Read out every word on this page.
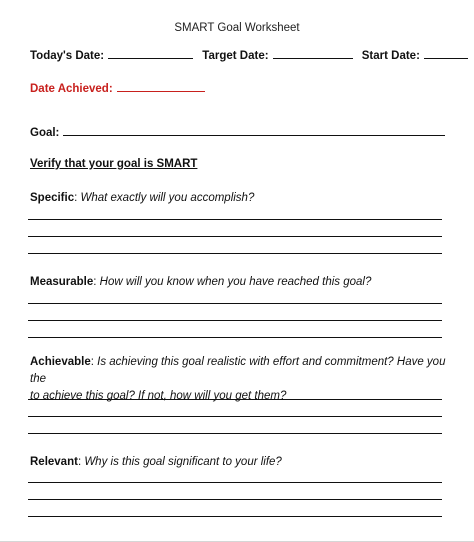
SMART Goal Worksheet
Today's Date:	Target Date:	Start Date:
Date Achieved:
Goal:
Verify that your goal is SMART
Specific: What exactly will you accomplish?
Measurable: How will you know when you have reached this goal?
Achievable: Is achieving this goal realistic with effort and commitment? Have you the
to achieve this goal? If not, how will you get them?
Relevant: Why is this goal significant to your life?
